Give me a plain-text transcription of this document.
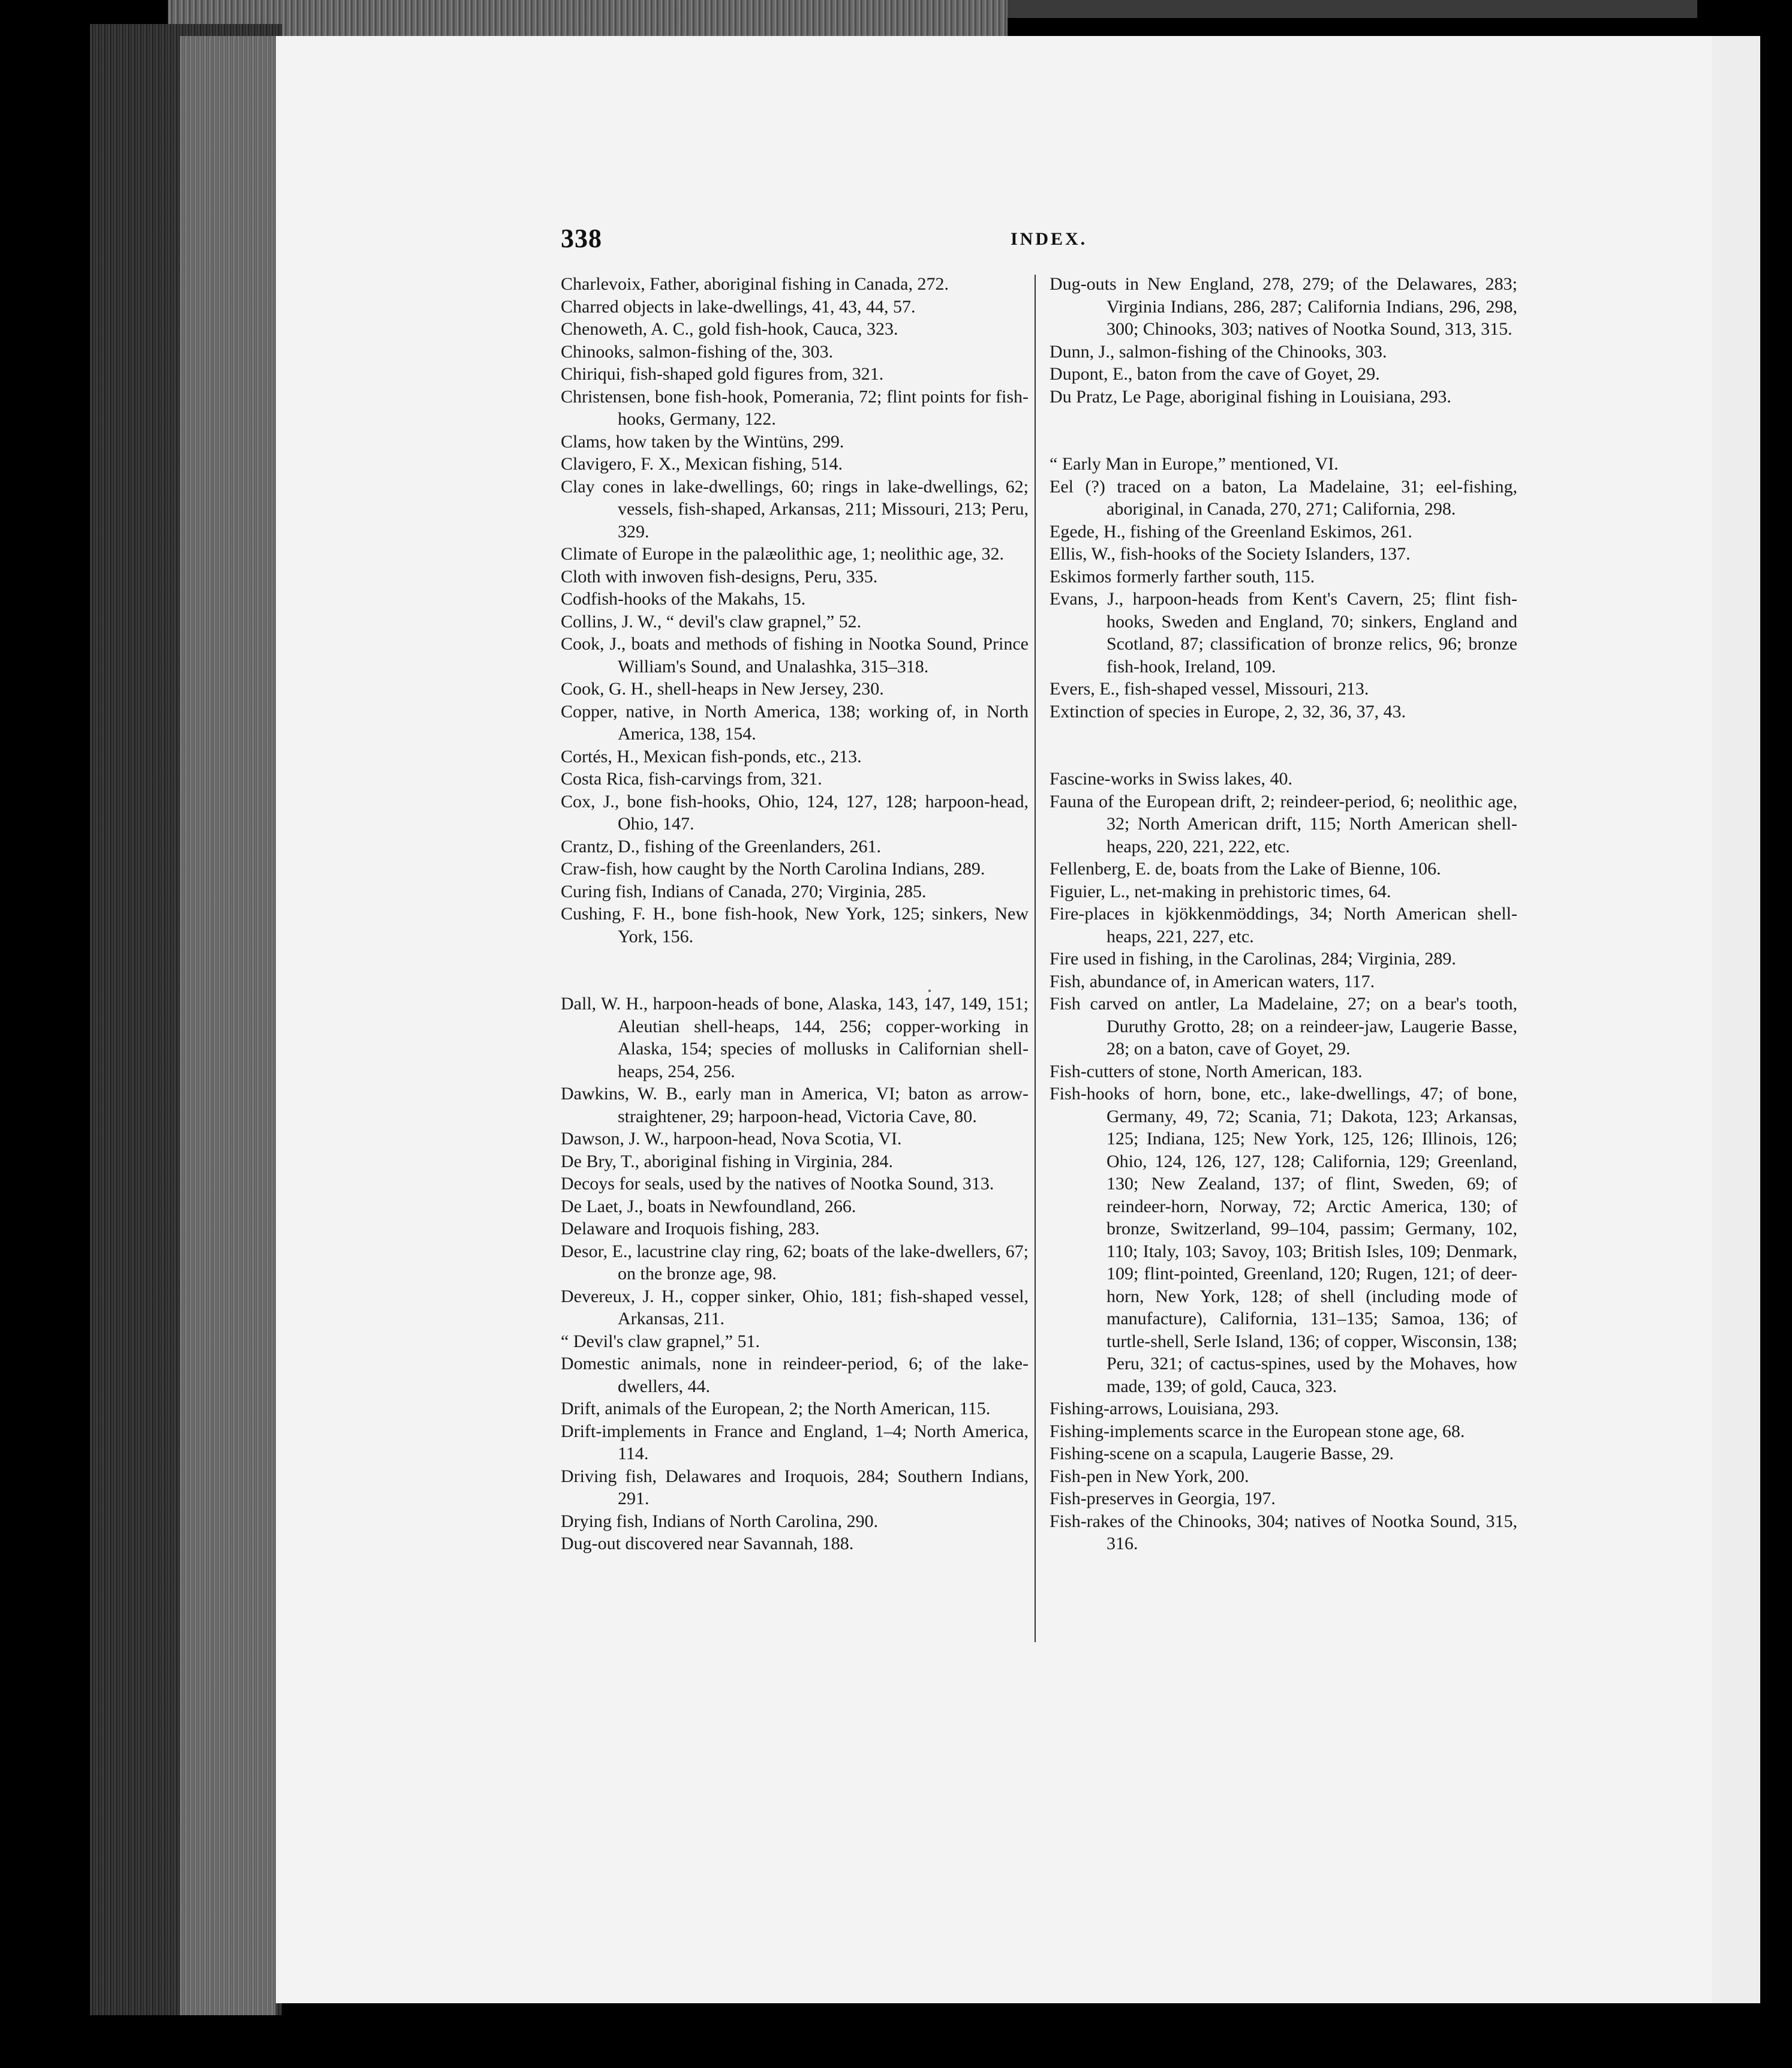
338	INDEX.

Charlevoix, Father, aboriginal fishing in Canada, 272.

Charred objects in lake-dwellings, 41, 43, 44, 57.

Chenoweth, A. C., gold fish-hook, Cauca, 323.

Chinooks, salmon-fishing of the, 303.

Chiriqui, fish-shaped gold figures from, 321.

Christensen, bone fish-hook, Pomerania, 72; flint points for fish-hooks, Germany, 122.

Clams, how taken by the Wintüns, 299.

Clavigero, F. X., Mexican fishing, 514.

Clay cones in lake-dwellings, 60; rings in lake-dwellings, 62; vessels, fish-shaped, Arkansas, 211; Missouri, 213; Peru, 329.

Climate of Europe in the palæolithic age, 1; neolithic age, 32.

Cloth with inwoven fish-designs, Peru, 335.

Codfish-hooks of the Makahs, 15.

Collins, J. W., “ devil's claw grapnel,” 52.

Cook, J., boats and methods of fishing in Nootka Sound, Prince William's Sound, and Unalashka, 315–318.

Cook, G. H., shell-heaps in New Jersey, 230.

Copper, native, in North America, 138; working of, in North America, 138, 154.

Cortés, H., Mexican fish-ponds, etc., 213.

Costa Rica, fish-carvings from, 321.

Cox, J., bone fish-hooks, Ohio, 124, 127, 128; harpoon-head, Ohio, 147.

Crantz, D., fishing of the Greenlanders, 261.

Craw-fish, how caught by the North Carolina Indians, 289.

Curing fish, Indians of Canada, 270; Virginia, 285.

Cushing, F. H., bone fish-hook, New York, 125; sinkers, New York, 156.

Dall, W. H., harpoon-heads of bone, Alaska, 143, 147, 149, 151; Aleutian shell-heaps, 144, 256; copper-working in Alaska, 154; species of mollusks in Californian shell-heaps, 254, 256.

Dawkins, W. B., early man in America, VI; baton as arrow-straightener, 29; harpoon-head, Victoria Cave, 80.

Dawson, J. W., harpoon-head, Nova Scotia, VI.

De Bry, T., aboriginal fishing in Virginia, 284.

Decoys for seals, used by the natives of Nootka Sound, 313.

De Laet, J., boats in Newfoundland, 266.

Delaware and Iroquois fishing, 283.

Desor, E., lacustrine clay ring, 62; boats of the lake-dwellers, 67; on the bronze age, 98.

Devereux, J. H., copper sinker, Ohio, 181; fish-shaped vessel, Arkansas, 211.

“ Devil's claw grapnel,” 51.

Domestic animals, none in reindeer-period, 6; of the lake-dwellers, 44.

Drift, animals of the European, 2; the North American, 115.

Drift-implements in France and England, 1–4; North America, 114.

Driving fish, Delawares and Iroquois, 284; Southern Indians, 291.

Drying fish, Indians of North Carolina, 290.

Dug-out discovered near Savannah, 188.

Dug-outs in New England, 278, 279; of the Delawares, 283; Virginia Indians, 286, 287; California Indians, 296, 298, 300; Chinooks, 303; natives of Nootka Sound, 313, 315.

Dunn, J., salmon-fishing of the Chinooks, 303.

Dupont, E., baton from the cave of Goyet, 29.

Du Pratz, Le Page, aboriginal fishing in Louisiana, 293.

“ Early Man in Europe,” mentioned, VI.

Eel (?) traced on a baton, La Madelaine, 31; eel-fishing, aboriginal, in Canada, 270, 271; California, 298.

Egede, H., fishing of the Greenland Eskimos, 261.

Ellis, W., fish-hooks of the Society Islanders, 137.

Eskimos formerly farther south, 115.

Evans, J., harpoon-heads from Kent's Cavern, 25; flint fish-hooks, Sweden and England, 70; sinkers, England and Scotland, 87; classification of bronze relics, 96; bronze fish-hook, Ireland, 109.

Evers, E., fish-shaped vessel, Missouri, 213.

Extinction of species in Europe, 2, 32, 36, 37, 43.

Fascine-works in Swiss lakes, 40.

Fauna of the European drift, 2; reindeer-period, 6; neolithic age, 32; North American drift, 115; North American shell-heaps, 220, 221, 222, etc.

Fellenberg, E. de, boats from the Lake of Bienne, 106.

Figuier, L., net-making in prehistoric times, 64.

Fire-places in kjökkenmöddings, 34; North American shell-heaps, 221, 227, etc.

Fire used in fishing, in the Carolinas, 284; Virginia, 289.

Fish, abundance of, in American waters, 117.

Fish carved on antler, La Madelaine, 27; on a bear's tooth, Duruthy Grotto, 28; on a reindeer-jaw, Laugerie Basse, 28; on a baton, cave of Goyet, 29.

Fish-cutters of stone, North American, 183.

Fish-hooks of horn, bone, etc., lake-dwellings, 47; of bone, Germany, 49, 72; Scania, 71; Dakota, 123; Arkansas, 125; Indiana, 125; New York, 125, 126; Illinois, 126; Ohio, 124, 126, 127, 128; California, 129; Greenland, 130; New Zealand, 137; of flint, Sweden, 69; of reindeer-horn, Norway, 72; Arctic America, 130; of bronze, Switzerland, 99–104, passim; Germany, 102, 110; Italy, 103; Savoy, 103; British Isles, 109; Denmark, 109; flint-pointed, Greenland, 120; Rugen, 121; of deer-horn, New York, 128; of shell (including mode of manufacture), California, 131–135; Samoa, 136; of turtle-shell, Serle Island, 136; of copper, Wisconsin, 138; Peru, 321; of cactus-spines, used by the Mohaves, how made, 139; of gold, Cauca, 323.

Fishing-arrows, Louisiana, 293.

Fishing-implements scarce in the European stone age, 68.

Fishing-scene on a scapula, Laugerie Basse, 29.

Fish-pen in New York, 200.

Fish-preserves in Georgia, 197.

Fish-rakes of the Chinooks, 304; natives of Nootka Sound, 315, 316.
